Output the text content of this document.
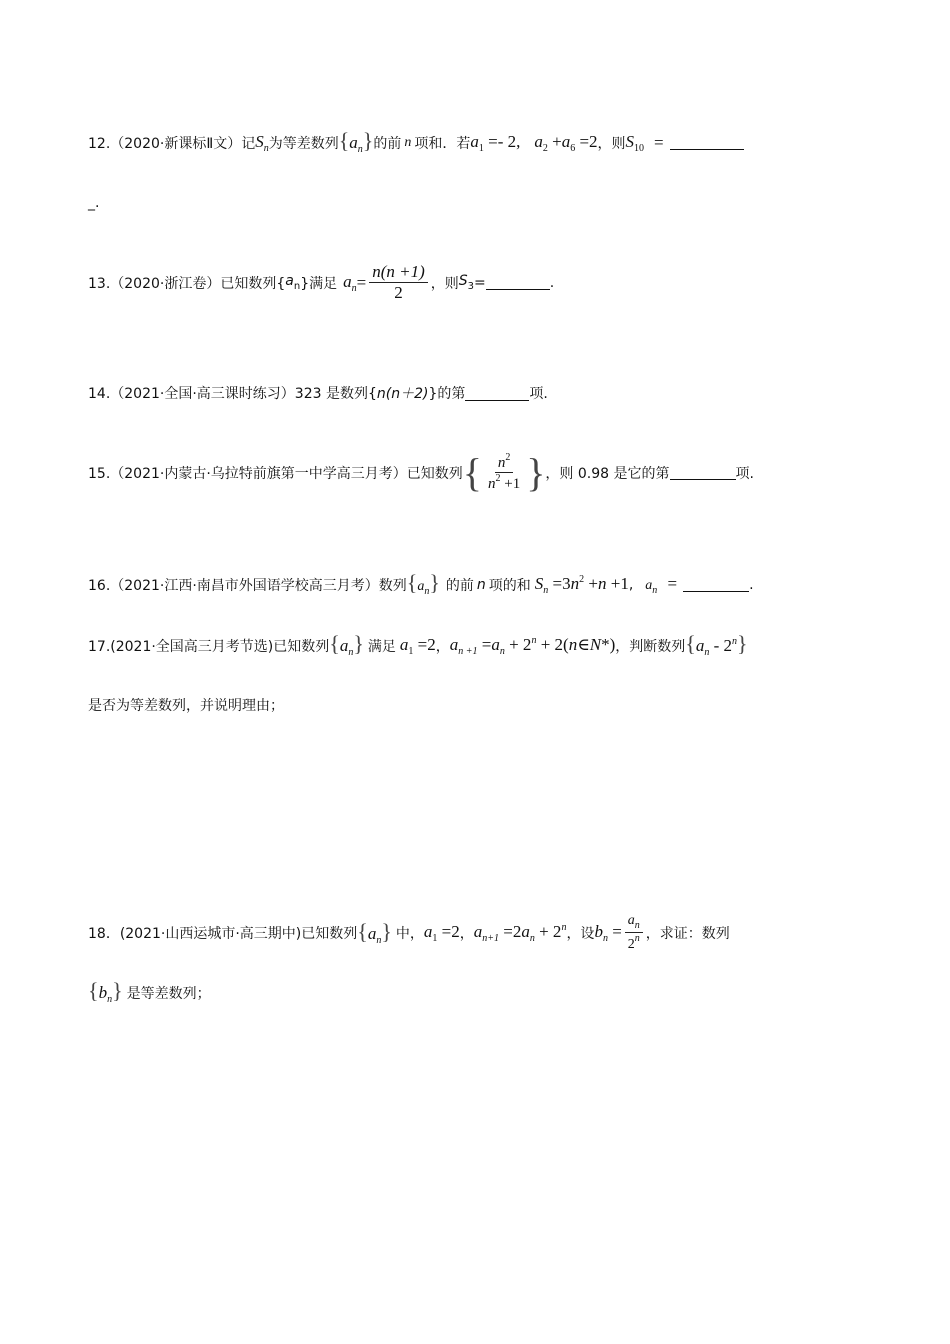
12.（2020·新课标Ⅱ文）记 $S_n$ 为等差数列 $\{a_n\}$ 的前 n 项和．若 $a_1 =- 2$, $a_2 +a_6 =2$ ，则 $S_{10}$ =
_.
13.（2020·浙江卷）已知数列{ $a_n$ }满足 $a_n = \frac{n(n +1)}{2}$ ，则 $S_3$ =	.
14.（2021·全国·高三课时练习）323 是数列{ n(n＋2) }的第	项.
15.（2021·内蒙古·乌拉特前旗第一中学高三月考）已知数列 { $\frac{n^2}{n^2 +1}$ } ，则 0.98 是它的第	项.
16.（2021·江西·南昌市外国语学校高三月考）数列 $\{a_n\}$ 的前 n 项的和 $S_n =3n^2 +n +1$ , $a_n$ =	.
17.(2021·全国高三月考节选)已知数列 $\{a_n\}$ 满足 $a_1 =2$ ， $a_{n +1} =a_n + 2^n$ + 2(n∈N*) ，判断数列 $\{a_n - 2^n\}$
是否为等差数列，并说明理由；
18．(2021·山西运城市·高三期中)已知数列 $\{a_n\}$ 中， $a_1 =2$ ， $a_{n+1} =2a_n + 2^n$ ，设 $b_n = \frac{a_n}{2^n}$ ，求证：数列
$\{b_n\}$ 是等差数列；
